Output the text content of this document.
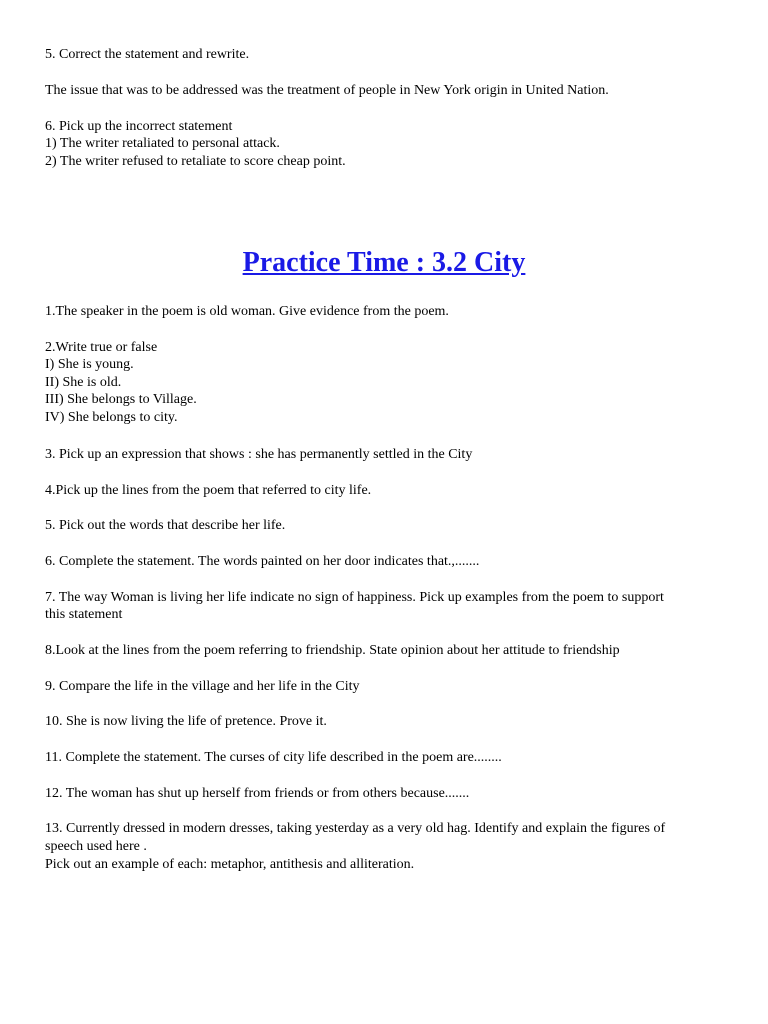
5. Correct the statement and rewrite.
The issue that was to be addressed was the treatment of people in New York origin in United Nation.
6. Pick up the incorrect statement
1) The writer retaliated to personal attack.
2) The writer refused to retaliate to score cheap point.
Practice Time : 3.2 City
1.The speaker in the poem is old woman. Give evidence from the poem.
2.Write true or false
I) She is young.
II) She is old.
III) She belongs to Village.
IV) She belongs to city.
3. Pick up an expression that shows : she has permanently settled in the City
4.Pick up the lines from the poem that referred to city life.
5. Pick out the words that describe her life.
6. Complete the statement. The words painted on her door indicates that.,.......
7. The way Woman is living her life indicate no sign of happiness. Pick up examples from the poem to support
this statement
8.Look at the lines from the poem referring to friendship. State opinion about her attitude to friendship
9. Compare the life in the village and her life in the City
10. She is now living the life of pretence. Prove it.
11. Complete the statement. The curses of city life described in the poem are........
12. The woman has shut up herself from friends or from others because.......
13. Currently dressed in modern dresses, taking yesterday as a very old hag. Identify and explain the figures of
speech used here .
Pick out an example of each: metaphor, antithesis and alliteration.
